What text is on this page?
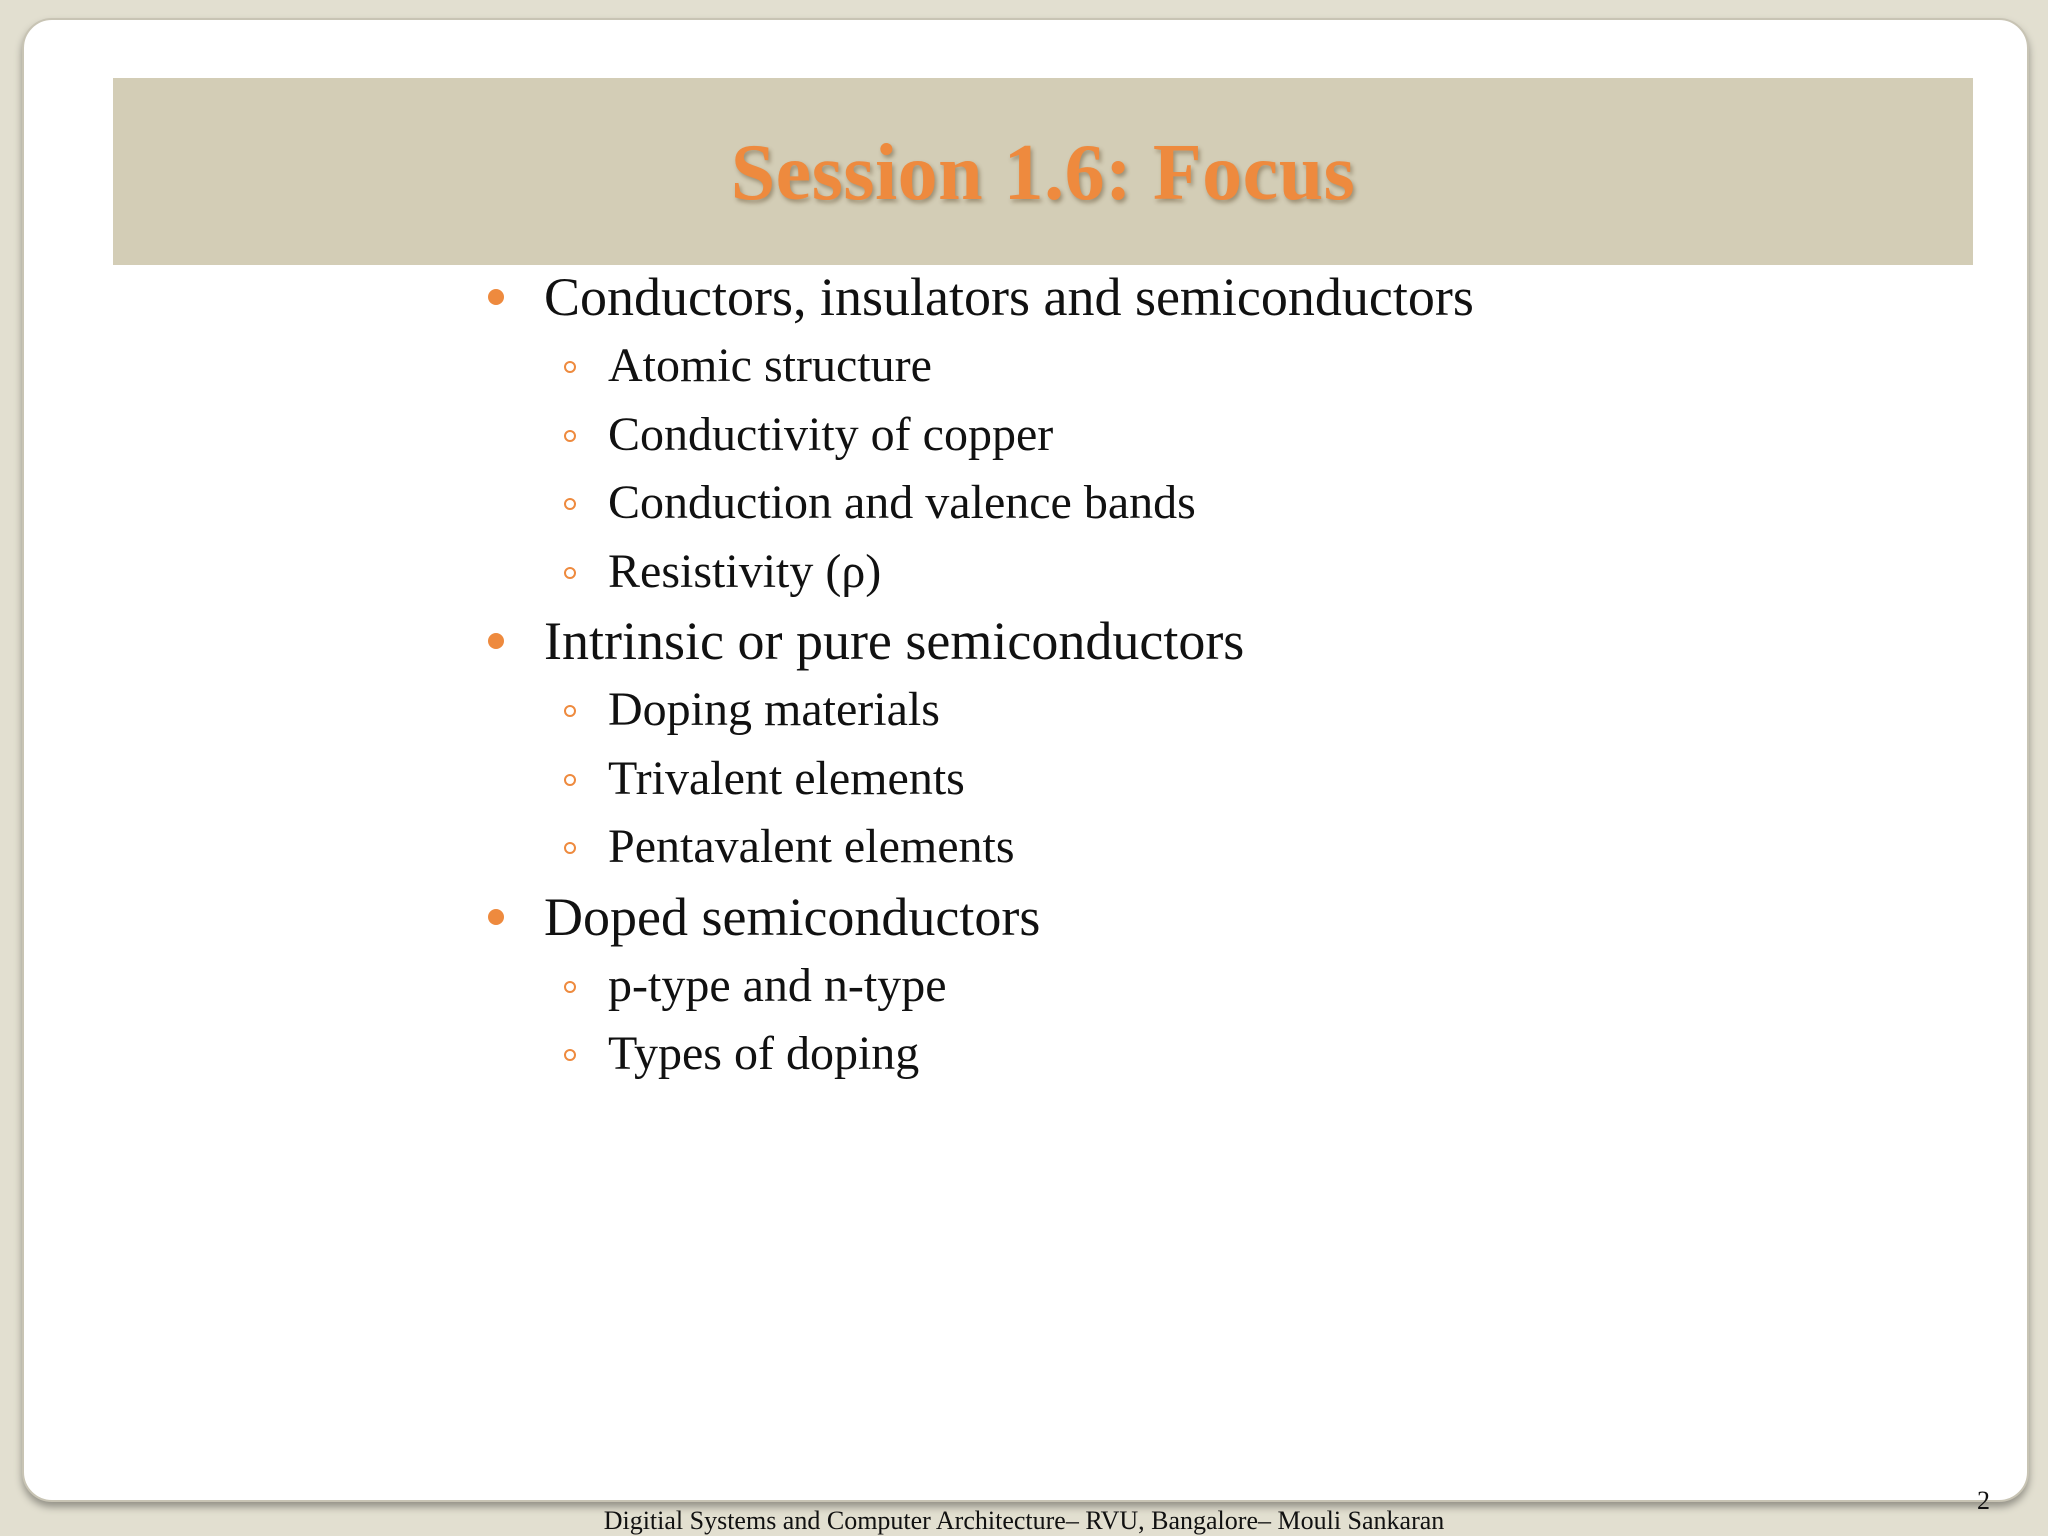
Session 1.6: Focus
2
Conductors, insulators and semiconductors
Atomic structure
Conductivity of copper
Conduction and valence bands
Resistivity (ρ)
Intrinsic or pure semiconductors
Doping materials
Trivalent elements
Pentavalent elements
Doped semiconductors
p-type and n-type
Types of doping
Digitial Systems and Computer Architecture– RVU, Bangalore– Mouli Sankaran
